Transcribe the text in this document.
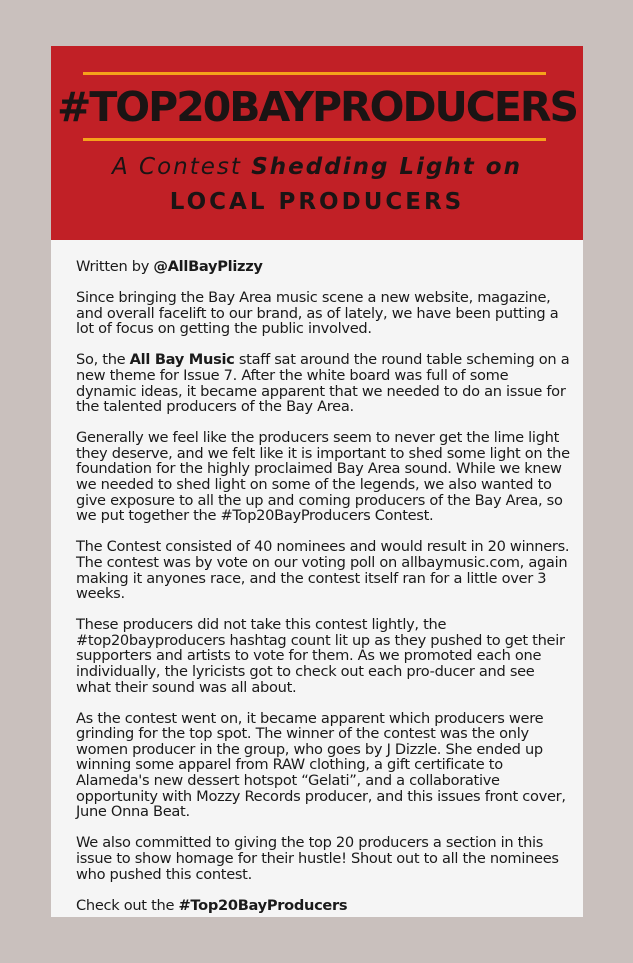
#TOP20BAYPRODUCERS
A Contest Shedding Light on
LOCAL PRODUCERS

Written by @AllBayPlizzy

Since bringing the Bay Area music scene a new website, magazine, and overall facelift to our brand, as of lately, we have been putting a lot of focus on getting the public involved.

So, the All Bay Music staff sat around the round table scheming on a new theme for Issue 7. After the white board was full of some dynamic ideas, it became apparent that we needed to do an issue for the talented producers of the Bay Area.

Generally we feel like the producers seem to never get the lime light they deserve, and we felt like it is important to shed some light on the foundation for the highly proclaimed Bay Area sound. While we knew we needed to shed light on some of the legends, we also wanted to give exposure to all the up and coming producers of the Bay Area, so we put together the #Top20BayProducers Contest.

The Contest consisted of 40 nominees and would result in 20 winners. The contest was by vote on our voting poll on allbaymusic.com, again making it anyones race, and the contest itself ran for a little over 3 weeks.

These producers did not take this contest lightly, the #top20bayproducers hashtag count lit up as they pushed to get their supporters and artists to vote for them. As we promoted each one individually, the lyricists got to check out each pro-ducer and see what their sound was all about.

As the contest went on, it became apparent which producers were grinding for the top spot. The winner of the contest was the only women producer in the group, who goes by J Dizzle. She ended up winning some apparel from RAW clothing, a gift certificate to Alameda's new dessert hotspot “Gelati”, and a collaborative opportunity with Mozzy Records producer, and this issues front cover, June Onna Beat.

We also committed to giving the top 20 producers a section in this issue to show homage for their hustle! Shout out to all the nominees who pushed this contest.

Check out the #Top20BayProducers
